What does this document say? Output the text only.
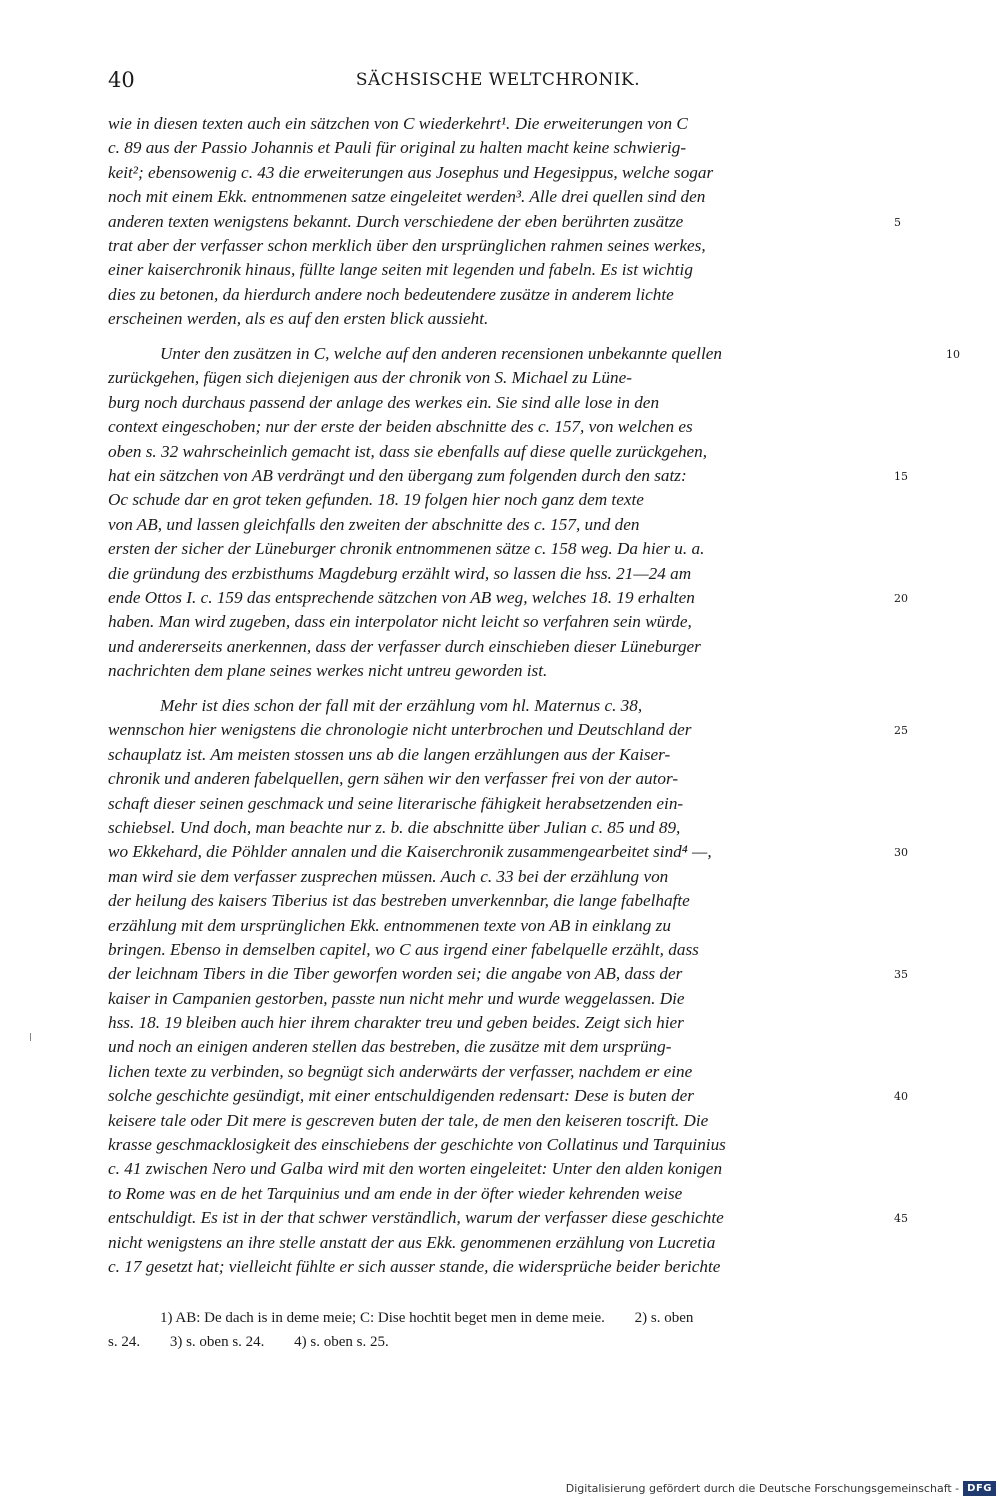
40	SÄCHSISCHE WELTCHRONIK.
wie in diesen texten auch ein sätzchen von C wiederkehrt¹. Die erweiterungen von C
c. 89 aus der Passio Johannis et Pauli für original zu halten macht keine schwierig-
keit²; ebensowenig c. 43 die erweiterungen aus Josephus und Hegesippus, welche sogar
noch mit einem Ekk. entnommenen satze eingeleitet werden³. Alle drei quellen sind den
anderen texten wenigstens bekannt. Durch verschiedene der eben berührten zusätze	5
trat aber der verfasser schon merklich über den ursprünglichen rahmen seines werkes,
einer kaiserchronik hinaus, füllte lange seiten mit legenden und fabeln. Es ist wichtig
dies zu betonen, da hierdurch andere noch bedeutendere zusätze in anderem lichte
erscheinen werden, als es auf den ersten blick aussieht.
Unter den zusätzen in C, welche auf den anderen recensionen unbekannte quellen	10
zurückgehen, fügen sich diejenigen aus der chronik von S. Michael zu Lüne-
burg noch durchaus passend der anlage des werkes ein. Sie sind alle lose in den
context eingeschoben; nur der erste der beiden abschnitte des c. 157, von welchen es
oben s. 32 wahrscheinlich gemacht ist, dass sie ebenfalls auf diese quelle zurückgehen,
hat ein sätzchen von AB verdrängt und den übergang zum folgenden durch den satz:	15
Oc schude dar en grot teken gefunden. 18. 19 folgen hier noch ganz dem texte
von AB, und lassen gleichfalls den zweiten der abschnitte des c. 157, und den
ersten der sicher der Lüneburger chronik entnommenen sätze c. 158 weg. Da hier u. a.
die gründung des erzbisthums Magdeburg erzählt wird, so lassen die hss. 21—24 am
ende Ottos I. c. 159 das entsprechende sätzchen von AB weg, welches 18. 19 erhalten	20
haben. Man wird zugeben, dass ein interpolator nicht leicht so verfahren sein würde,
und andererseits anerkennen, dass der verfasser durch einschieben dieser Lüneburger
nachrichten dem plane seines werkes nicht untreu geworden ist.
Mehr ist dies schon der fall mit der erzählung vom hl. Maternus c. 38,
wennschon hier wenigstens die chronologie nicht unterbrochen und Deutschland der	25
schauplatz ist. Am meisten stossen uns ab die langen erzählungen aus der Kaiser-
chronik und anderen fabelquellen, gern sähen wir den verfasser frei von der autor-
schaft dieser seinen geschmack und seine literarische fähigkeit herabsetzenden ein-
schiebsel. Und doch, man beachte nur z. b. die abschnitte über Julian c. 85 und 89,
wo Ekkehard, die Pöhlder annalen und die Kaiserchronik zusammengearbeitet sind⁴ —,	30
man wird sie dem verfasser zusprechen müssen. Auch c. 33 bei der erzählung von
der heilung des kaisers Tiberius ist das bestreben unverkennbar, die lange fabelhafte
erzählung mit dem ursprünglichen Ekk. entnommenen texte von AB in einklang zu
bringen. Ebenso in demselben capitel, wo C aus irgend einer fabelquelle erzählt, dass
der leichnam Tibers in die Tiber geworfen worden sei; die angabe von AB, dass der	35
kaiser in Campanien gestorben, passte nun nicht mehr und wurde weggelassen. Die
hss. 18. 19 bleiben auch hier ihrem charakter treu und geben beides. Zeigt sich hier
und noch an einigen anderen stellen das bestreben, die zusätze mit dem ursprüng-
lichen texte zu verbinden, so begnügt sich anderwärts der verfasser, nachdem er eine
solche geschichte gesündigt, mit einer entschuldigenden redensart: Dese is buten der	40
keisere tale oder Dit mere is gescreven buten der tale, de men den keiseren toscrift. Die
krasse geschmacklosigkeit des einschiebens der geschichte von Collatinus und Tarquinius
c. 41 zwischen Nero und Galba wird mit den worten eingeleitet: Unter den alden konigen
to Rome was en de het Tarquinius und am ende in der öfter wieder kehrenden weise
entschuldigt. Es ist in der that schwer verständlich, warum der verfasser diese geschichte	45
nicht wenigstens an ihre stelle anstatt der aus Ekk. genommenen erzählung von Lucretia
c. 17 gesetzt hat; vielleicht fühlte er sich ausser stande, die widersprüche beider berichte
1) AB: De dach is in deme meie; C: Dise hochtit beget men in deme meie. 2) s. oben
s. 24. 3) s. oben s. 24. 4) s. oben s. 25.
Digitalisierung gefördert durch die Deutsche Forschungsgemeinschaft - DFG
